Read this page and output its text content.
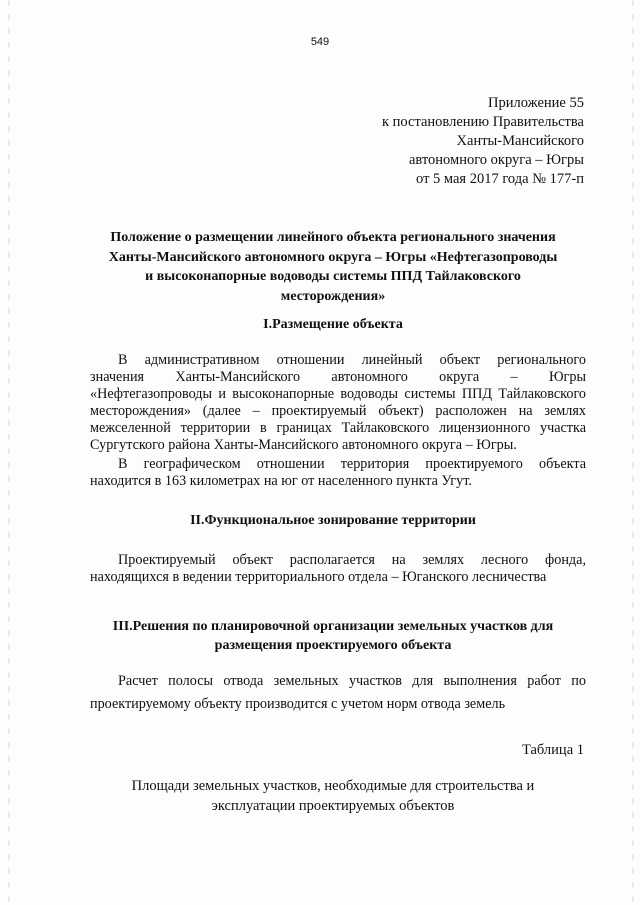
549
Приложение 55
к постановлению Правительства
Ханты-Мансийского
автономного округа – Югры
от 5 мая 2017 года № 177-п
Положение о размещении линейного объекта регионального значения
Ханты-Мансийского автономного округа – Югры «Нефтегазопроводы
и высоконапорные водоводы системы ППД Тайлаковского
месторождения»
I.Размещение объекта
В административном отношении линейный объект регионального
значения Ханты-Мансийского автономного округа – Югры
«Нефтегазопроводы и высоконапорные водоводы системы ППД Тайлаковского
месторождения» (далее – проектируемый объект) расположен на землях
межселенной территории в границах Тайлаковского лицензионного участка
Сургутского района Ханты-Мансийского автономного округа – Югры.
В географическом отношении территория проектируемого объекта
находится в 163 километрах на юг от населенного пункта Угут.
II.Функциональное зонирование территории
Проектируемый объект располагается на землях лесного фонда,
находящихся в ведении территориального отдела – Юганского лесничества
III.Решения по планировочной организации земельных участков для
размещения проектируемого объекта
Расчет полосы отвода земельных участков для выполнения работ по
проектируемому объекту производится с учетом норм отвода земель
Таблица 1
Площади земельных участков, необходимые для строительства и
эксплуатации проектируемых объектов
